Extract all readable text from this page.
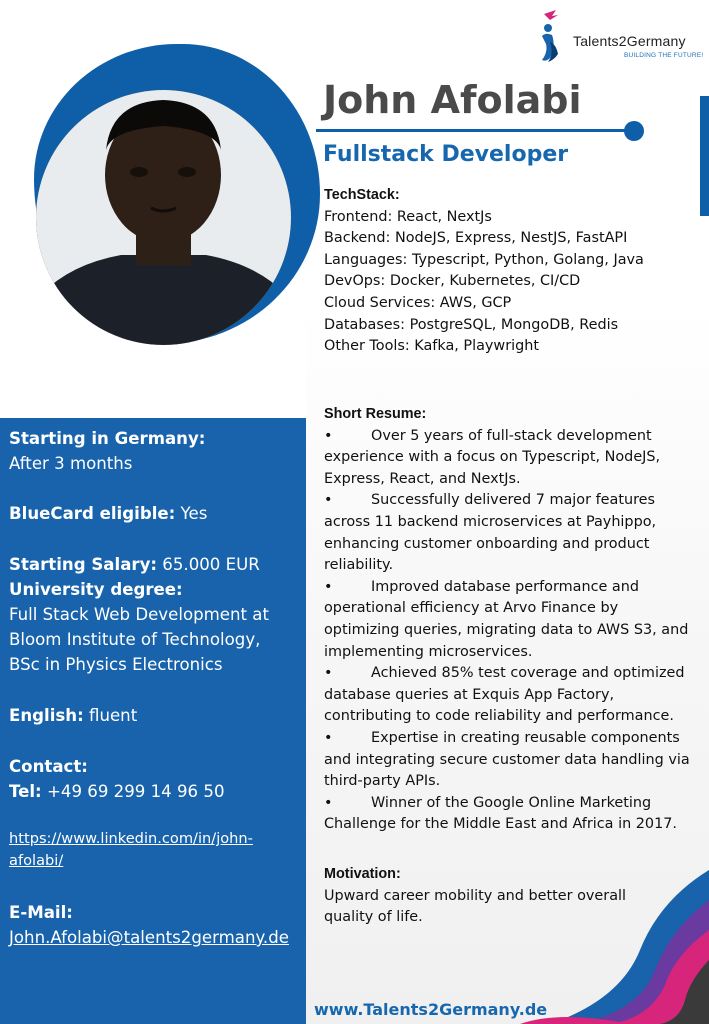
Talents2Germany
BUILDING THE FUTURE!
John Afolabi
Fullstack Developer
TechStack:
Frontend: React, NextJs
Backend: NodeJS, Express, NestJS, FastAPI
Languages: Typescript, Python, Golang, Java
DevOps: Docker, Kubernetes, CI/CD
Cloud Services: AWS, GCP
Databases: PostgreSQL, MongoDB, Redis
Other Tools: Kafka, Playwright
Short Resume:
•	Over 5 years of full-stack development
experience with a focus on Typescript, NodeJS,
Express, React, and NextJs.
•	Successfully delivered 7 major features
across 11 backend microservices at Payhippo,
enhancing customer onboarding and product
reliability.
•	Improved database performance and
operational efficiency at Arvo Finance by
optimizing queries, migrating data to AWS S3, and
implementing microservices.
•	Achieved 85% test coverage and optimized
database queries at Exquis App Factory,
contributing to code reliability and performance.
•	Expertise in creating reusable components
and integrating secure customer data handling via
third-party APIs.
•	Winner of the Google Online Marketing
Challenge for the Middle East and Africa in 2017.
Motivation:
Upward career mobility and better overall
quality of life.
Starting in Germany:
After 3 months
BlueCard eligible: Yes
Starting Salary: 65.000 EUR
University degree:
Full Stack Web Development at
Bloom Institute of Technology,
BSc in Physics Electronics
English: fluent
Contact:
Tel: +49 69 299 14 96 50
https://www.linkedin.com/in/john-
afolabi/
E-Mail:
John.Afolabi@talents2germany.de
www.Talents2Germany.de
